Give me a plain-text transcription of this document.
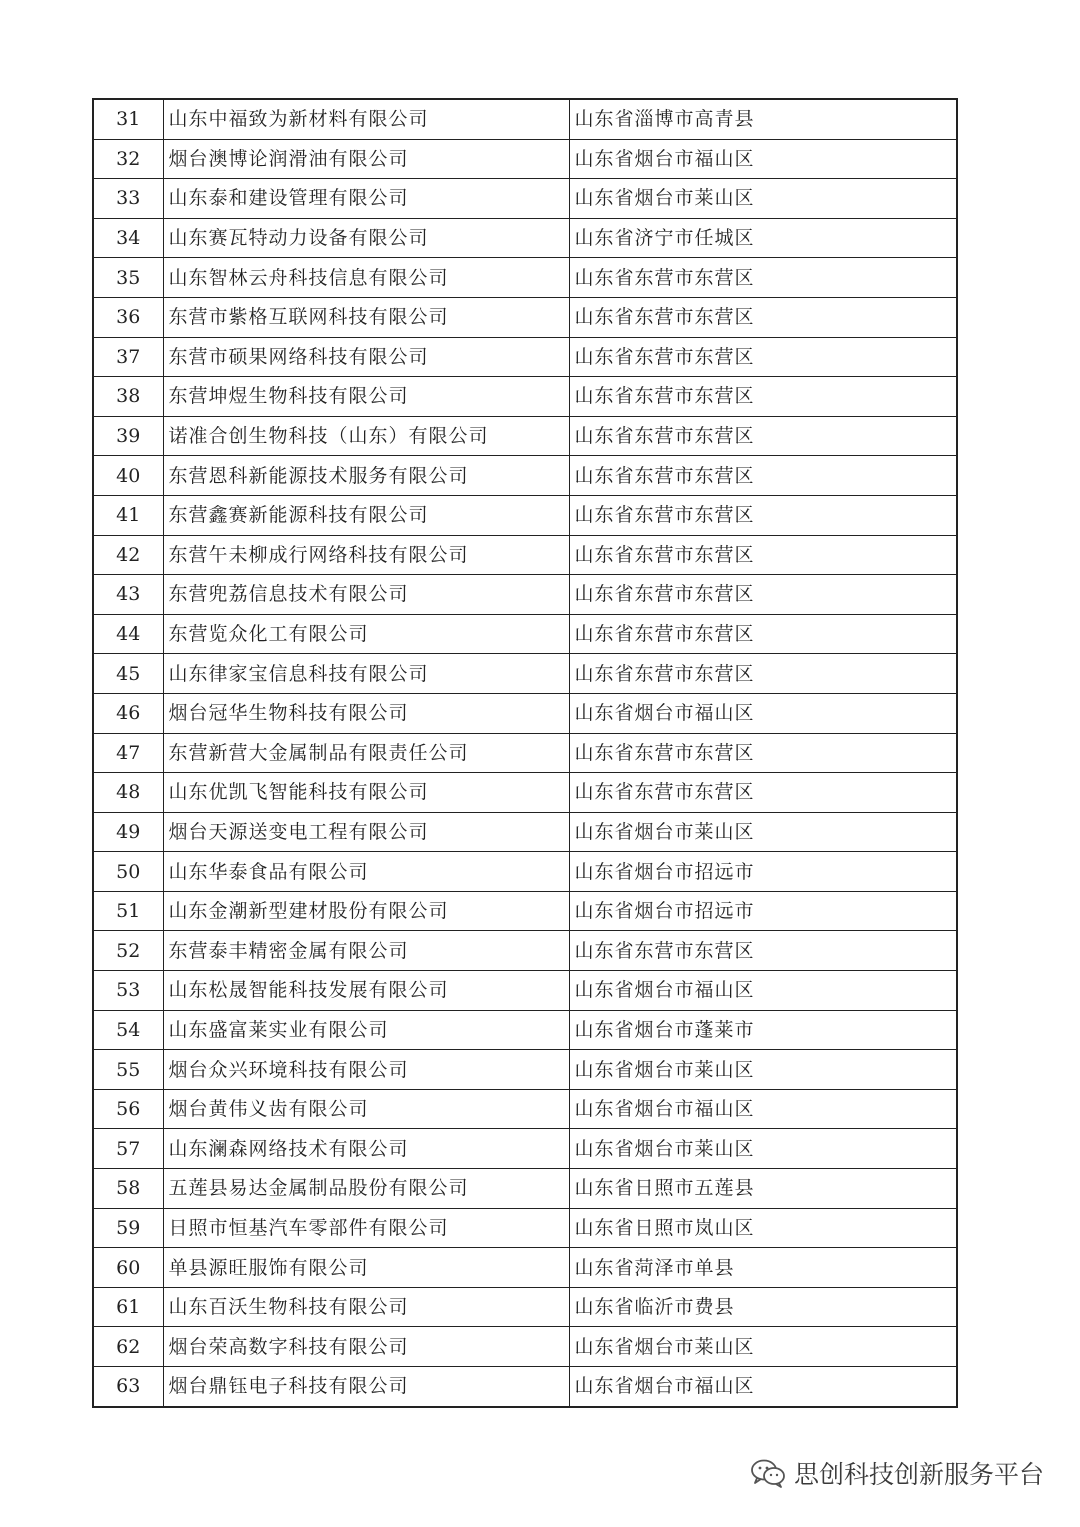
31	山东中福致为新材料有限公司	山东省淄博市高青县
32	烟台澳博论润滑油有限公司	山东省烟台市福山区
33	山东泰和建设管理有限公司	山东省烟台市莱山区
34	山东赛瓦特动力设备有限公司	山东省济宁市任城区
35	山东智林云舟科技信息有限公司	山东省东营市东营区
36	东营市紫格互联网科技有限公司	山东省东营市东营区
37	东营市硕果网络科技有限公司	山东省东营市东营区
38	东营坤煜生物科技有限公司	山东省东营市东营区
39	诺准合创生物科技（山东）有限公司	山东省东营市东营区
40	东营恩科新能源技术服务有限公司	山东省东营市东营区
41	东营鑫赛新能源科技有限公司	山东省东营市东营区
42	东营午未柳成行网络科技有限公司	山东省东营市东营区
43	东营兜荔信息技术有限公司	山东省东营市东营区
44	东营览众化工有限公司	山东省东营市东营区
45	山东律家宝信息科技有限公司	山东省东营市东营区
46	烟台冠华生物科技有限公司	山东省烟台市福山区
47	东营新营大金属制品有限责任公司	山东省东营市东营区
48	山东优凯飞智能科技有限公司	山东省东营市东营区
49	烟台天源送变电工程有限公司	山东省烟台市莱山区
50	山东华泰食品有限公司	山东省烟台市招远市
51	山东金潮新型建材股份有限公司	山东省烟台市招远市
52	东营泰丰精密金属有限公司	山东省东营市东营区
53	山东松晟智能科技发展有限公司	山东省烟台市福山区
54	山东盛富莱实业有限公司	山东省烟台市蓬莱市
55	烟台众兴环境科技有限公司	山东省烟台市莱山区
56	烟台黄伟义齿有限公司	山东省烟台市福山区
57	山东澜森网络技术有限公司	山东省烟台市莱山区
58	五莲县易达金属制品股份有限公司	山东省日照市五莲县
59	日照市恒基汽车零部件有限公司	山东省日照市岚山区
60	单县源旺服饰有限公司	山东省菏泽市单县
61	山东百沃生物科技有限公司	山东省临沂市费县
62	烟台荣高数字科技有限公司	山东省烟台市莱山区
63	烟台鼎钰电子科技有限公司	山东省烟台市福山区
思创科技创新服务平台
